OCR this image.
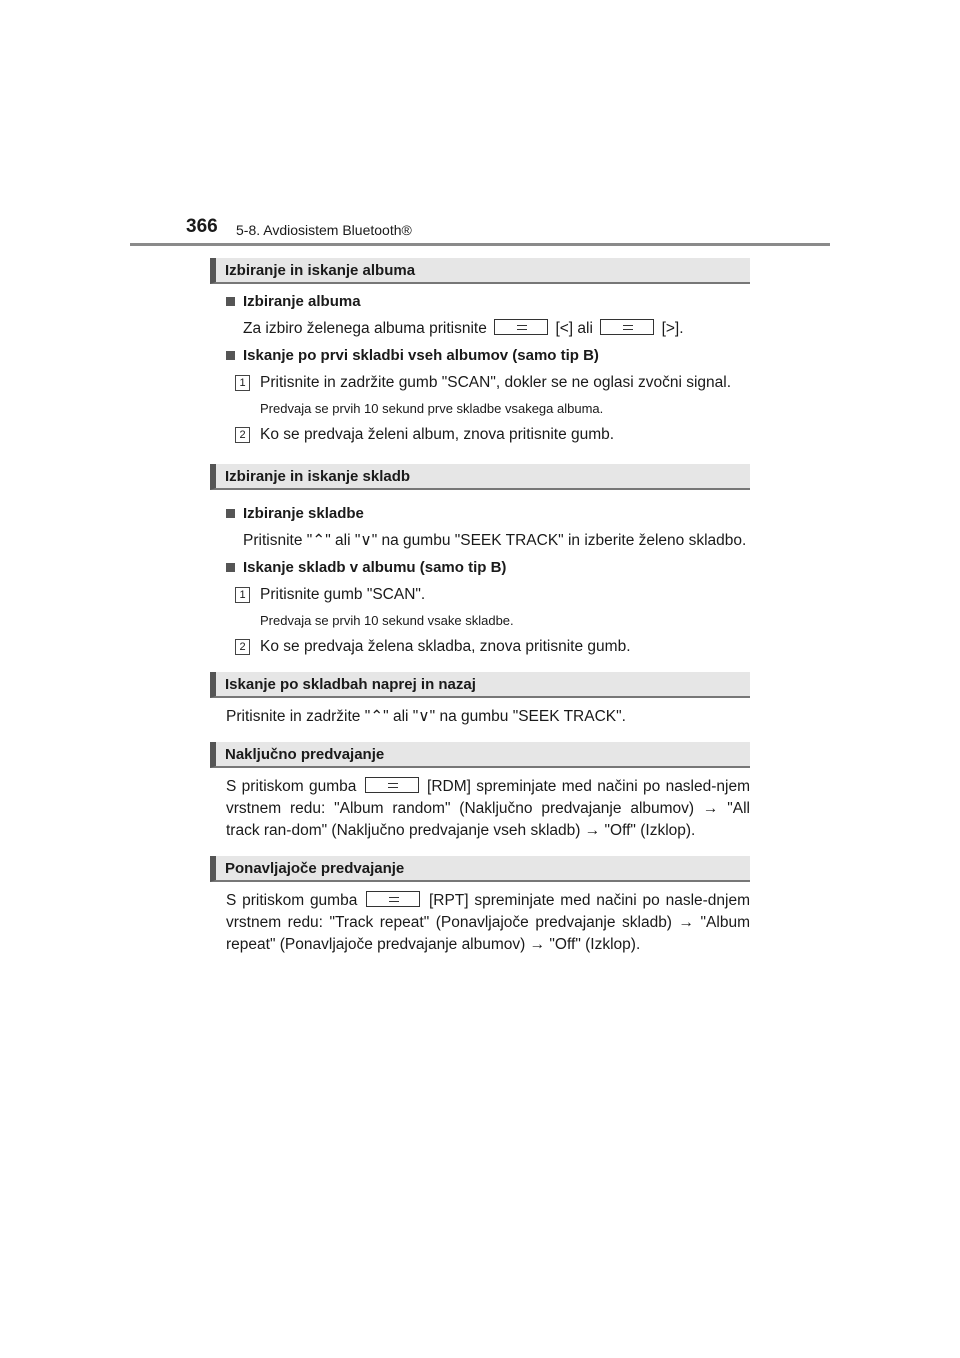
366 5-8. Avdiosistem Bluetooth®
Izbiranje in iskanje albuma
Izbiranje albuma
Za izbiro želenega albuma pritisnite	[<] ali	[>].
Iskanje po prvi skladbi vseh albumov (samo tip B)
1 Pritisnite in zadržite gumb "SCAN", dokler se ne oglasi zvočni signal.
Predvaja se prvih 10 sekund prve skladbe vsakega albuma.
2 Ko se predvaja želeni album, znova pritisnite gumb.
Izbiranje in iskanje skladb
Izbiranje skladbe
Pritisnite "⌃" ali "∨" na gumbu "SEEK TRACK" in izberite želeno skladbo.
Iskanje skladb v albumu (samo tip B)
1 Pritisnite gumb "SCAN".
Predvaja se prvih 10 sekund vsake skladbe.
2 Ko se predvaja želena skladba, znova pritisnite gumb.
Iskanje po skladbah naprej in nazaj
Pritisnite in zadržite "⌃" ali "∨" na gumbu "SEEK TRACK".
Naključno predvajanje
S pritiskom gumba	[RDM] spreminjate med načini po nasled-njem vrstnem redu: "Album random" (Naključno predvajanje albumov) → "All track ran-dom" (Naključno predvajanje vseh skladb) → "Off" (Izklop).
Ponavljajoče predvajanje
S pritiskom gumba	[RPT] spreminjate med načini po nasle-dnjem vrstnem redu: "Track repeat" (Ponavljajoče predvajanje skladb) → "Album repeat" (Ponavljajoče predvajanje albumov) → "Off" (Izklop).
